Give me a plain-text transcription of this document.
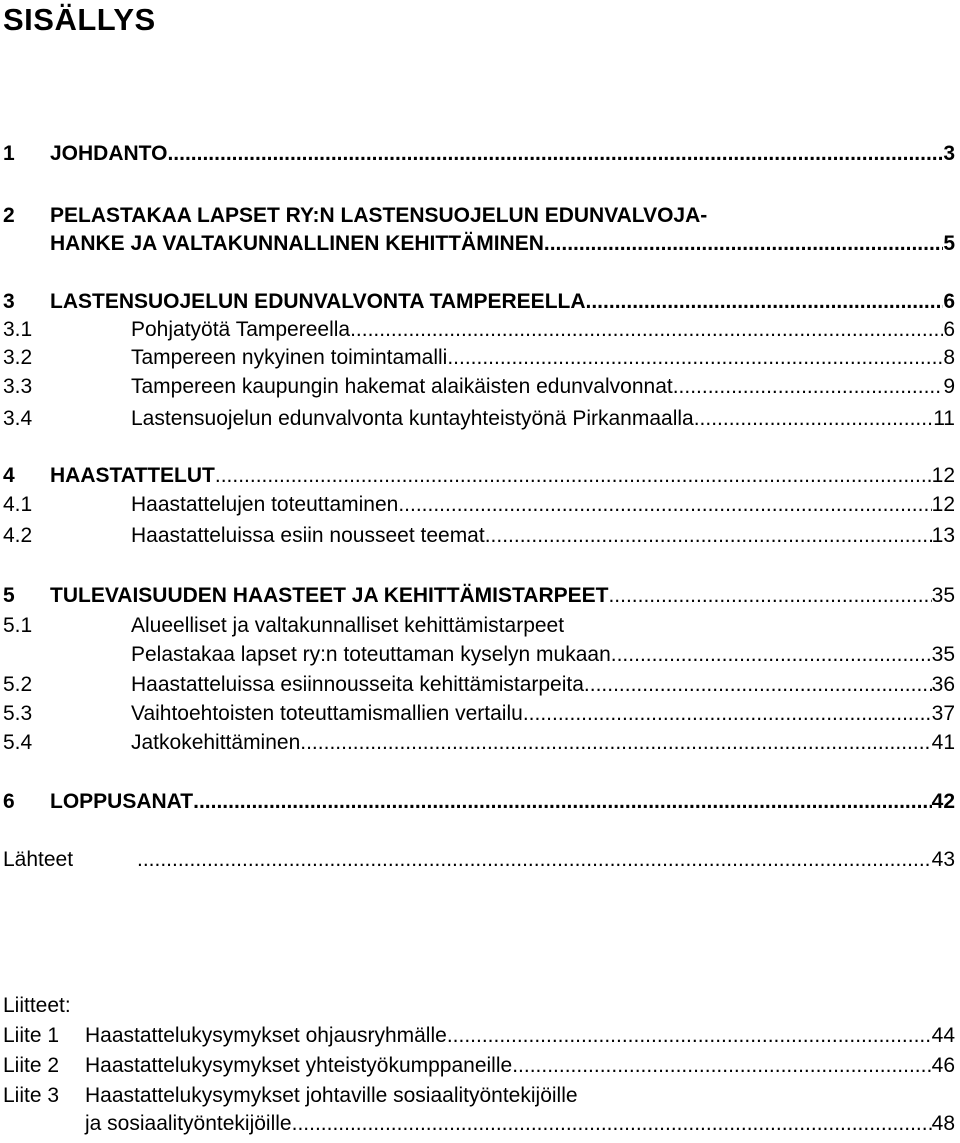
SISÄLLYS
1	JOHDANTO .....	3
2 PELASTAKAA LAPSET RY:N LASTENSUOJELUN EDUNVALVOJA-
HANKE JA VALTAKUNNALLINEN KEHITTÄMINEN .....	5
3	LASTENSUOJELUN EDUNVALVONTA TAMPEREELLA .....	6
3.1	Pohjatyötä Tampereella .....	6
3.2	Tampereen nykyinen toimintamalli .....	8
3.3	Tampereen kaupungin hakemat alaikäisten edunvalvonnat .....	9
3.4	Lastensuojelun edunvalvonta kuntayhteistyönä Pirkanmaalla .....	11
4	HAASTATTELUT .....	12
4.1	Haastattelujen toteuttaminen .....	12
4.2	Haastatteluissa esiin nousseet teemat .....	13
5	TULEVAISUUDEN HAASTEET JA KEHITTÄMISTARPEET .....	35
5.1	Alueelliset ja valtakunnalliset kehittämistarpeet
Pelastakaa lapset ry:n toteuttaman kyselyn mukaan .....	35
5.2	Haastatteluissa esiinnousseita kehittämistarpeita .....	36
5.3	Vaihtoehtoisten toteuttamismallien vertailu .....	37
5.4	Jatkokehittäminen .....	41
6	LOPPUSANAT .....	42
Lähteet .....	43
Liitteet:
Liite 1	Haastattelukysymykset ohjausryhmälle .....	44
Liite 2	Haastattelukysymykset yhteistyökumppaneille .....	46
Liite 3 Haastattelukysymykset johtaville sosiaalityöntekijöille
ja sosiaalityöntekijöille .....	48
